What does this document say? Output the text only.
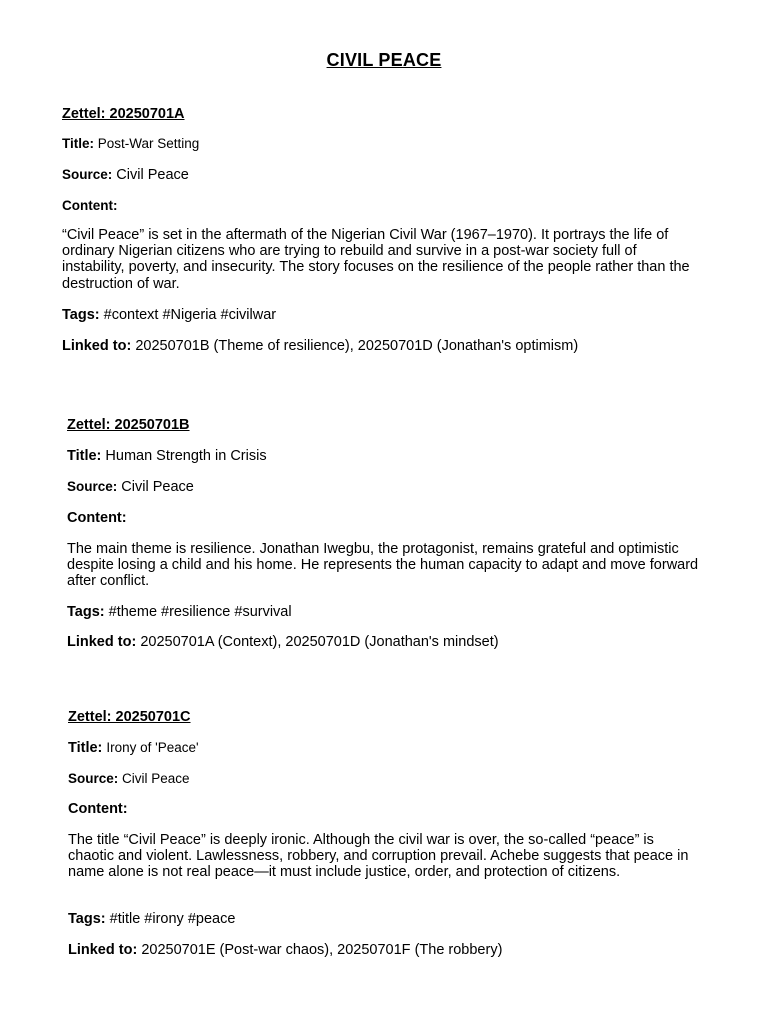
CIVIL PEACE
Zettel: 20250701A
Title: Post-War Setting
Source: Civil Peace
Content:
“Civil Peace” is set in the aftermath of the Nigerian Civil War (1967–1970). It portrays the life of ordinary Nigerian citizens who are trying to rebuild and survive in a post-war society full of instability, poverty, and insecurity. The story focuses on the resilience of the people rather than the destruction of war.
Tags: #context #Nigeria #civilwar
Linked to: 20250701B (Theme of resilience), 20250701D (Jonathan's optimism)
Zettel: 20250701B
Title: Human Strength in Crisis
Source: Civil Peace
Content:
The main theme is resilience. Jonathan Iwegbu, the protagonist, remains grateful and optimistic despite losing a child and his home. He represents the human capacity to adapt and move forward after conflict.
Tags: #theme #resilience #survival
Linked to: 20250701A (Context), 20250701D (Jonathan's mindset)
Zettel: 20250701C
Title: Irony of 'Peace'
Source: Civil Peace
Content:
The title “Civil Peace” is deeply ironic. Although the civil war is over, the so-called “peace” is chaotic and violent. Lawlessness, robbery, and corruption prevail. Achebe suggests that peace in name alone is not real peace—it must include justice, order, and protection of citizens.
Tags: #title #irony #peace
Linked to: 20250701E (Post-war chaos), 20250701F (The robbery)
